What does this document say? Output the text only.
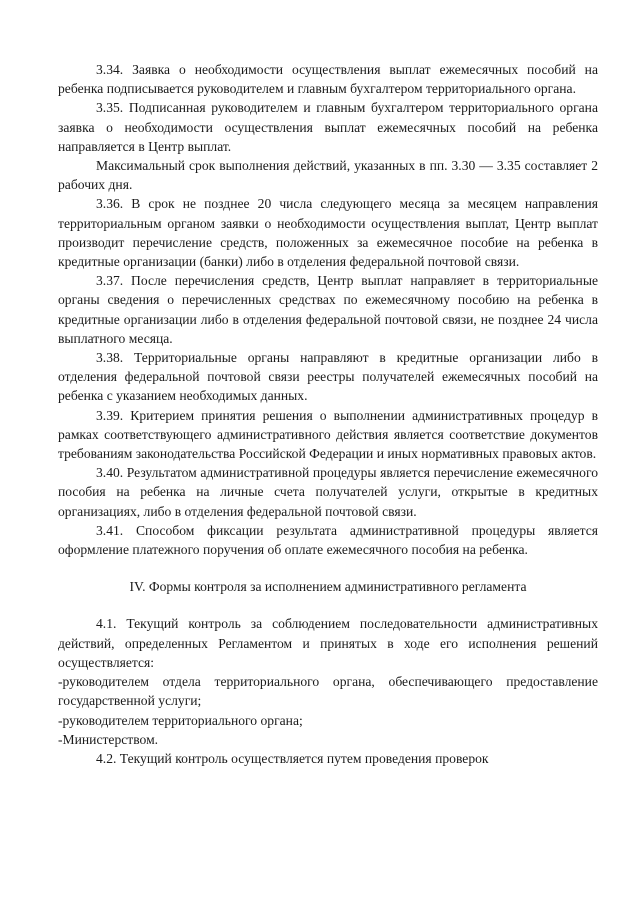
3.34. Заявка о необходимости осуществления выплат ежемесячных пособий на ребенка подписывается руководителем и главным бухгалтером территориального органа.

3.35. Подписанная руководителем и главным бухгалтером территориального органа заявка о необходимости осуществления выплат ежемесячных пособий на ребенка направляется в Центр выплат.

Максимальный срок выполнения действий, указанных в пп. 3.30 — 3.35 составляет 2 рабочих дня.

3.36. В срок не позднее 20 числа следующего месяца за месяцем направления территориальным органом заявки о необходимости осуществления выплат, Центр выплат производит перечисление средств, положенных за ежемесячное пособие на ребенка в кредитные организации (банки) либо в отделения федеральной почтовой связи.

3.37. После перечисления средств, Центр выплат направляет в территориальные органы сведения о перечисленных средствах по ежемесячному пособию на ребенка в кредитные организации либо в отделения федеральной почтовой связи, не позднее 24 числа выплатного месяца.

3.38. Территориальные органы направляют в кредитные организации либо в отделения федеральной почтовой связи реестры получателей ежемесячных пособий на ребенка с указанием необходимых данных.

3.39. Критерием принятия решения о выполнении административных процедур в рамках соответствующего административного действия является соответствие документов требованиям законодательства Российской Федерации и иных нормативных правовых актов.

3.40. Результатом административной процедуры является перечисление ежемесячного пособия на ребенка на личные счета получателей услуги, открытые в кредитных организациях, либо в отделения федеральной почтовой связи.

3.41. Способом фиксации результата административной процедуры является оформление платежного поручения об оплате ежемесячного пособия на ребенка.

IV. Формы контроля за исполнением административного регламента

4.1. Текущий контроль за соблюдением последовательности административных действий, определенных Регламентом и принятых в ходе его исполнения решений осуществляется:

-руководителем отдела территориального органа, обеспечивающего предоставление государственной услуги;

-руководителем территориального органа;

-Министерством.

4.2. Текущий контроль осуществляется путем проведения проверок
